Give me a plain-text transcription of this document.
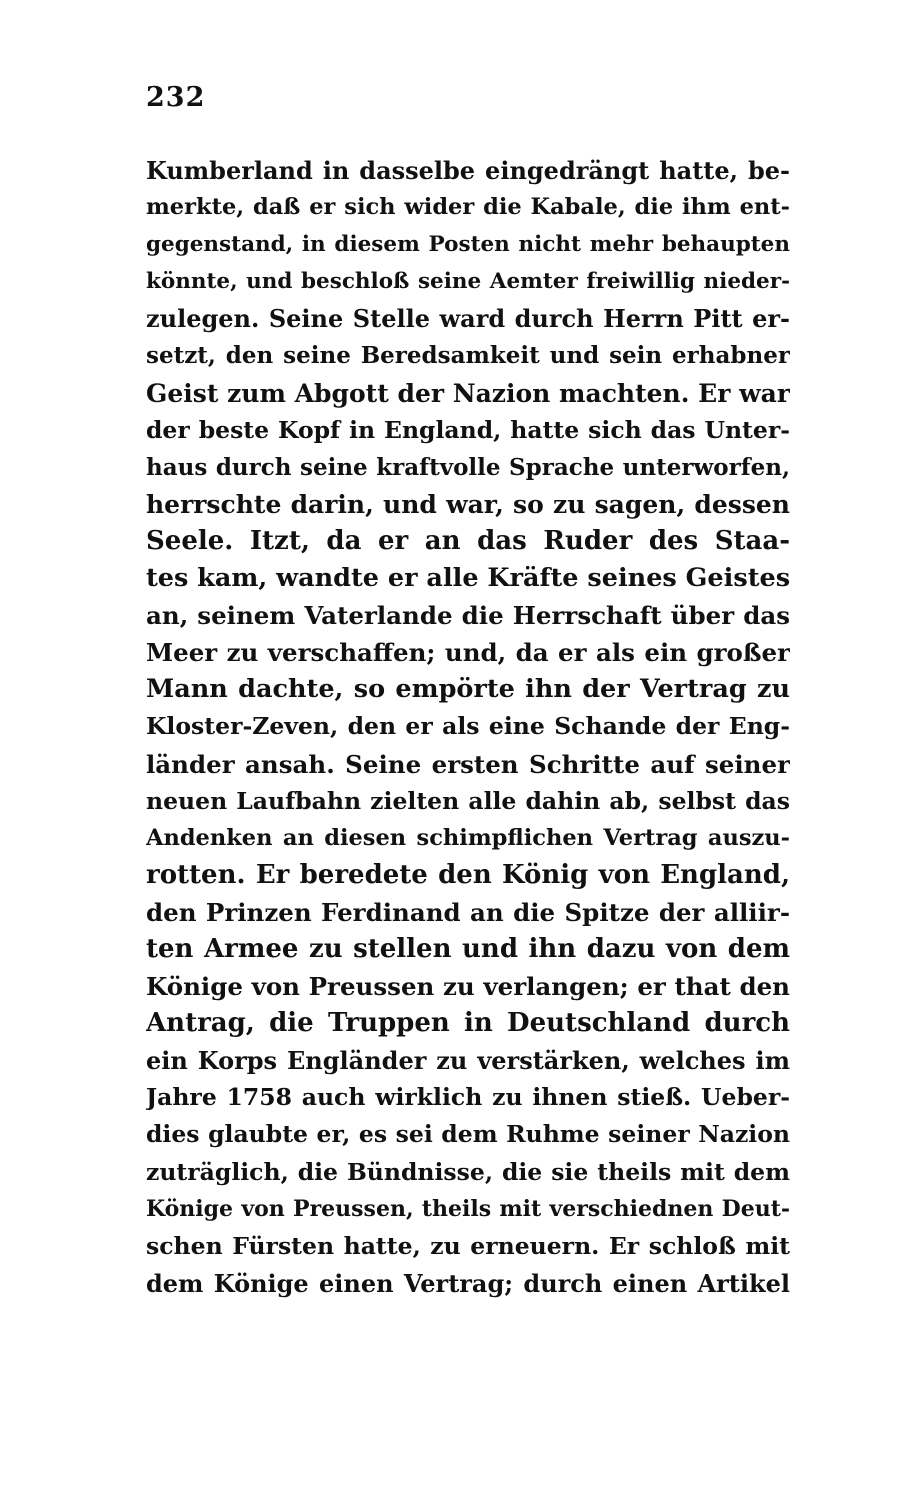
232
Kumberland in dasselbe eingedrängt hatte, be-
merkte, daß er sich wider die Kabale, die ihm ent-
gegenstand, in diesem Posten nicht mehr behaupten
könnte, und beschloß seine Aemter freiwillig nieder-
zulegen. Seine Stelle ward durch Herrn Pitt er-
setzt, den seine Beredsamkeit und sein erhabner
Geist zum Abgott der Nazion machten. Er war
der beste Kopf in England, hatte sich das Unter-
haus durch seine kraftvolle Sprache unterworfen,
herrschte darin, und war, so zu sagen, dessen
Seele. Itzt, da er an das Ruder des Staa-
tes kam, wandte er alle Kräfte seines Geistes
an, seinem Vaterlande die Herrschaft über das
Meer zu verschaffen; und, da er als ein großer
Mann dachte, so empörte ihn der Vertrag zu
Kloster-Zeven, den er als eine Schande der Eng-
länder ansah. Seine ersten Schritte auf seiner
neuen Laufbahn zielten alle dahin ab, selbst das
Andenken an diesen schimpflichen Vertrag auszu-
rotten. Er beredete den König von England,
den Prinzen Ferdinand an die Spitze der alliir-
ten Armee zu stellen und ihn dazu von dem
Könige von Preussen zu verlangen; er that den
Antrag, die Truppen in Deutschland durch
ein Korps Engländer zu verstärken, welches im
Jahre 1758 auch wirklich zu ihnen stieß. Ueber-
dies glaubte er, es sei dem Ruhme seiner Nazion
zuträglich, die Bündnisse, die sie theils mit dem
Könige von Preussen, theils mit verschiednen Deut-
schen Fürsten hatte, zu erneuern. Er schloß mit
dem Könige einen Vertrag; durch einen Artikel
